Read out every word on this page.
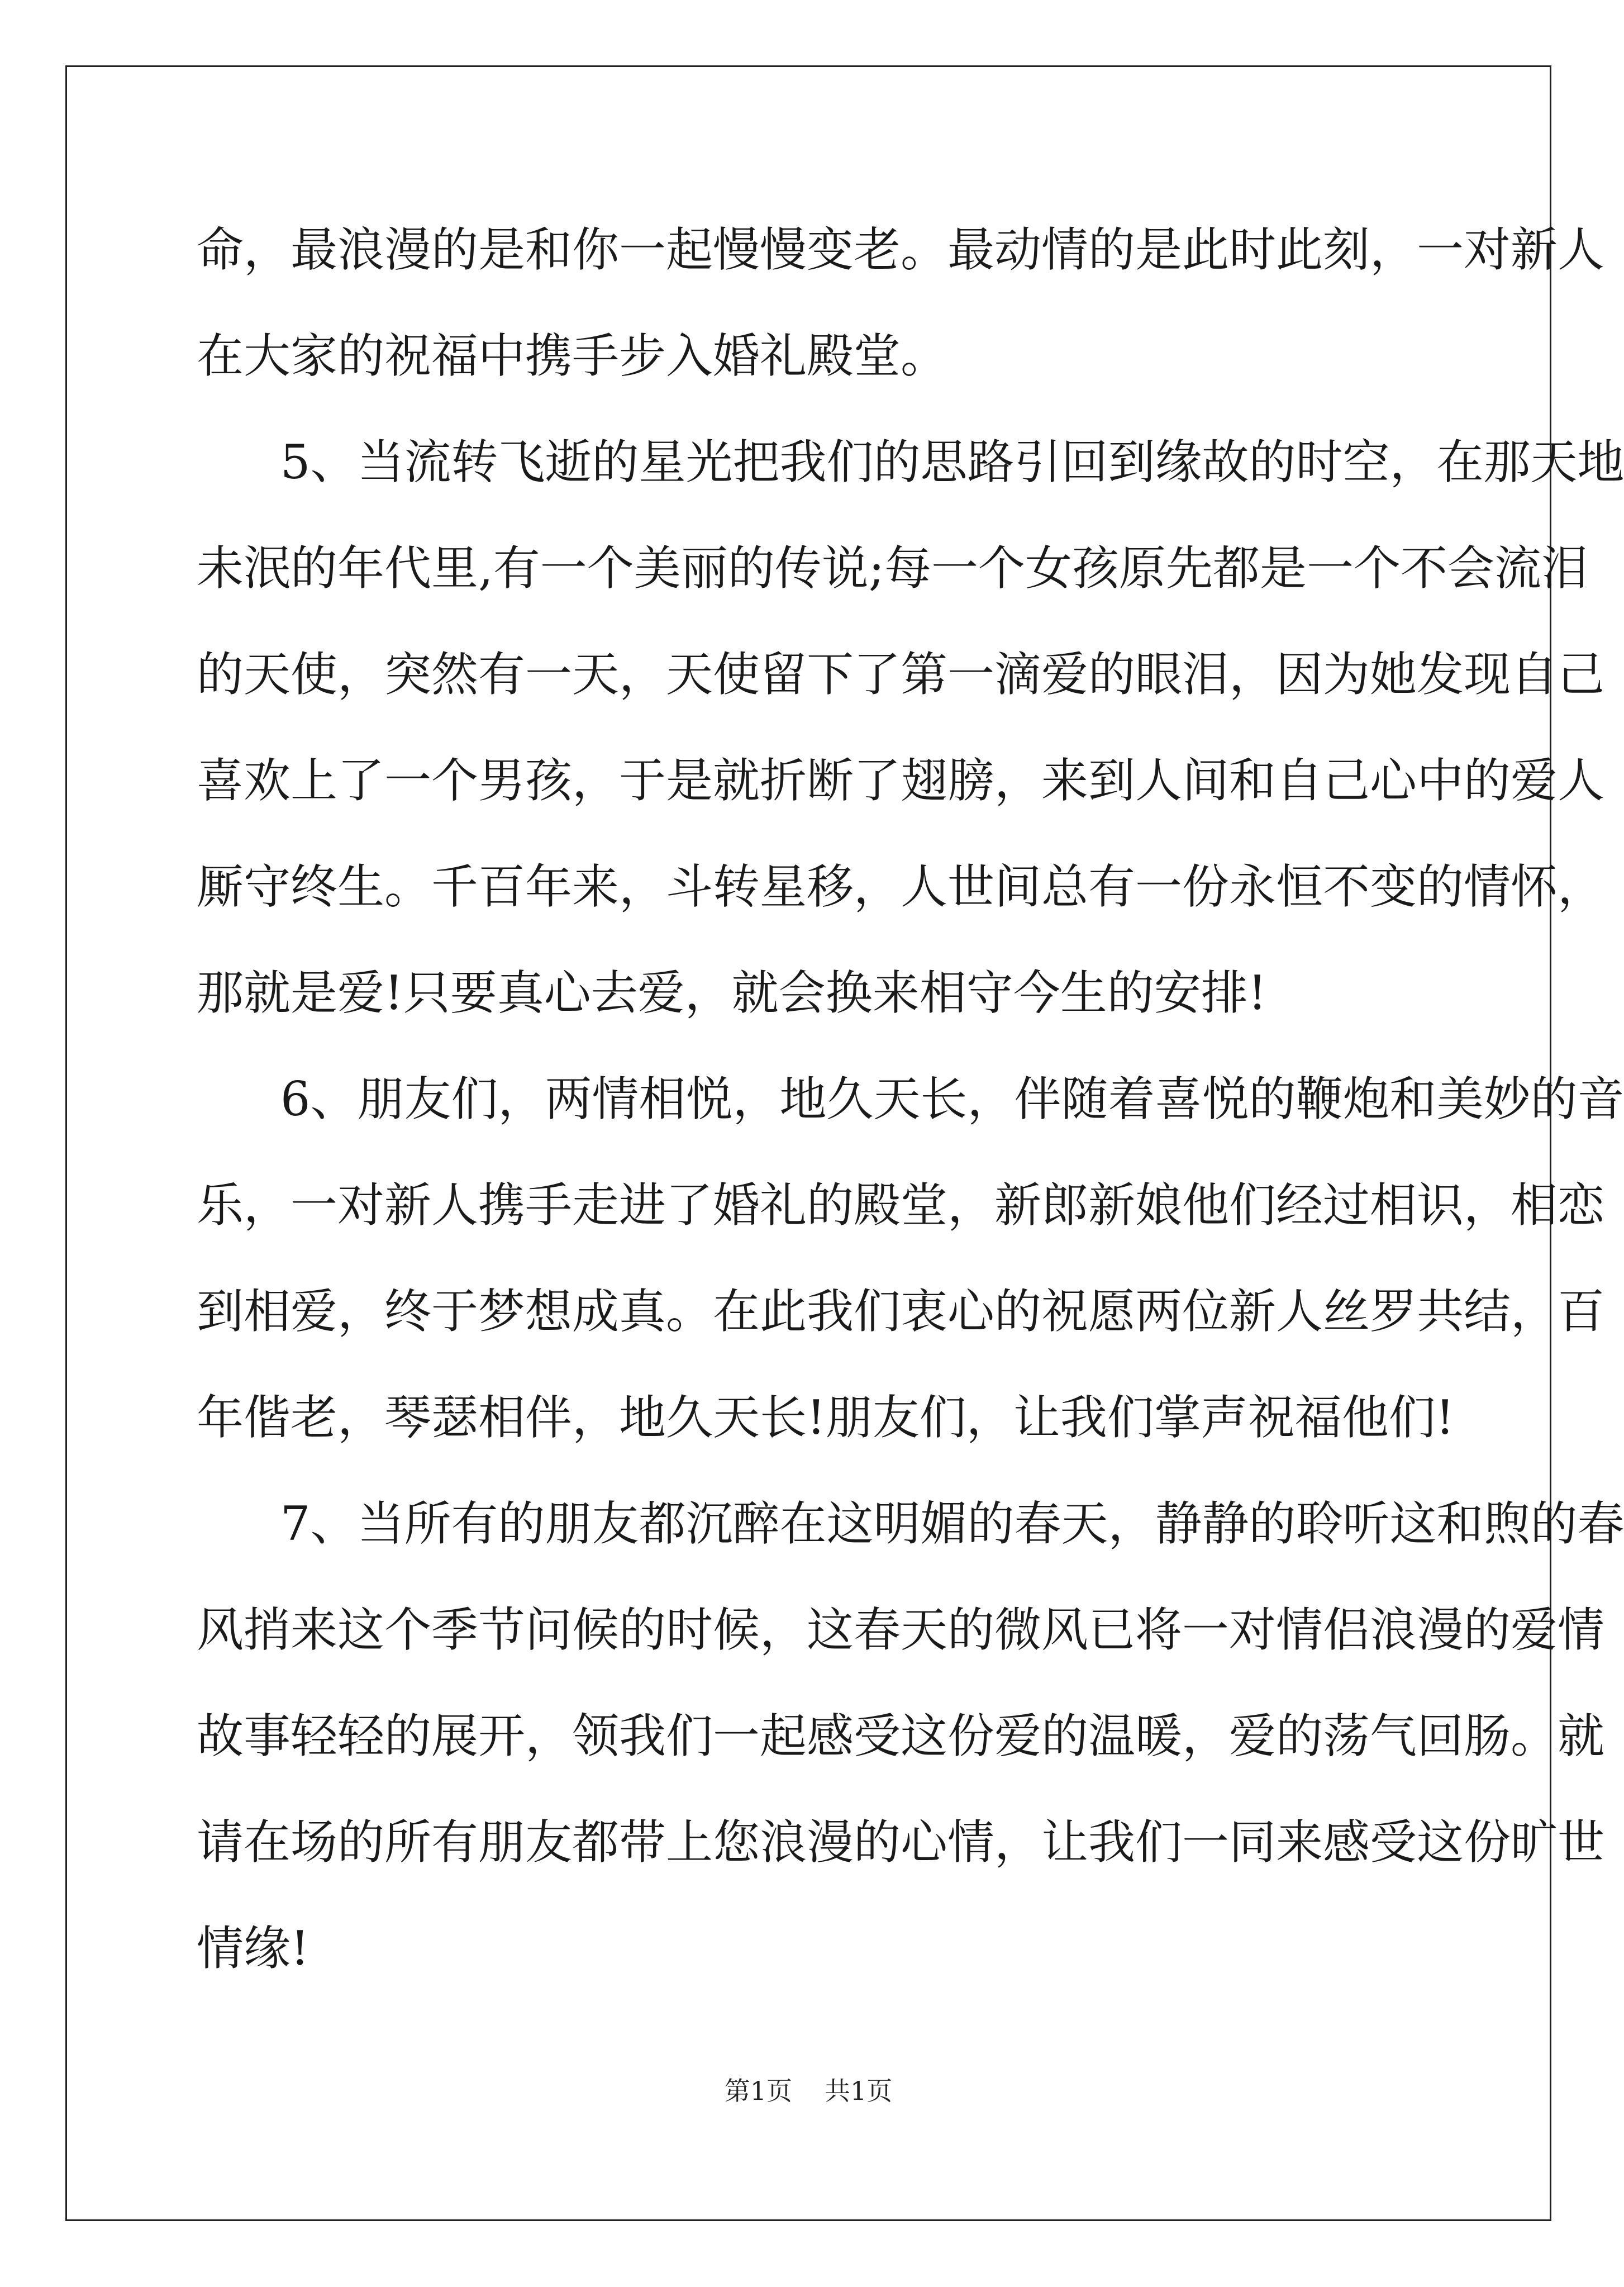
命，最浪漫的是和你一起慢慢变老。最动情的是此时此刻，一对新人
在大家的祝福中携手步入婚礼殿堂。
5、当流转飞逝的星光把我们的思路引回到缘故的时空，在那天地
未泯的年代里,有一个美丽的传说;每一个女孩原先都是一个不会流泪
的天使，突然有一天，天使留下了第一滴爱的眼泪，因为她发现自己
喜欢上了一个男孩，于是就折断了翅膀，来到人间和自己心中的爱人
厮守终生。千百年来，斗转星移，人世间总有一份永恒不变的情怀，
那就是爱!只要真心去爱，就会换来相守今生的安排!
6、朋友们，两情相悦，地久天长，伴随着喜悦的鞭炮和美妙的音
乐，一对新人携手走进了婚礼的殿堂，新郎新娘他们经过相识，相恋
到相爱，终于梦想成真。在此我们衷心的祝愿两位新人丝罗共结，百
年偕老，琴瑟相伴，地久天长!朋友们，让我们掌声祝福他们!
7、当所有的朋友都沉醉在这明媚的春天，静静的聆听这和煦的春
风捎来这个季节问候的时候，这春天的微风已将一对情侣浪漫的爱情
故事轻轻的展开，领我们一起感受这份爱的温暖，爱的荡气回肠。就
请在场的所有朋友都带上您浪漫的心情，让我们一同来感受这份旷世
情缘!
第1页 共1页
